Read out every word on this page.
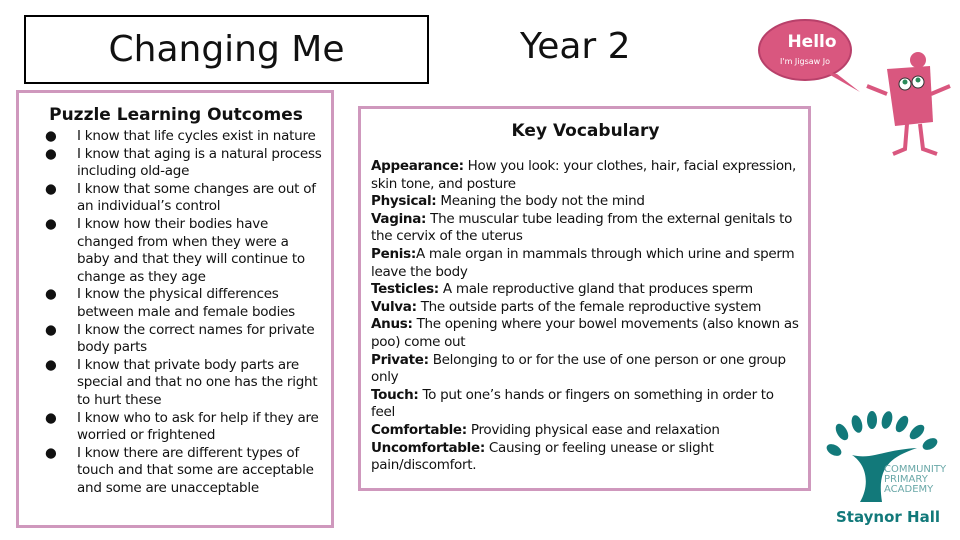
Changing Me	Year 2	Hello
I'm Jigsaw Jo
Puzzle Learning Outcomes
● I know that life cycles exist in nature
● I know that aging is a natural process including old-age
● I know that some changes are out of an individual’s control
● I know how their bodies have changed from when they were a baby and that they will continue to change as they age
● I know the physical differences between male and female bodies
● I know the correct names for private body parts
● I know that private body parts are special and that no one has the right to hurt these
● I know who to ask for help if they are worried or frightened
● I know there are different types of touch and that some are acceptable and some are unacceptable
Key Vocabulary

Appearance: How you look: your clothes, hair, facial expression, skin tone, and posture

Physical: Meaning the body not the mind

Vagina: The muscular tube leading from the external genitals to the cervix of the uterus

Penis:A male organ in mammals through which urine and sperm leave the body

Testicles: A male reproductive gland that produces sperm

Vulva: The outside parts of the female reproductive system

Anus: The opening where your bowel movements (also known as poo) come out

Private: Belonging to or for the use of one person or one group only

Touch: To put one’s hands or fingers on something in order to feel

Comfortable: Providing physical ease and relaxation

Uncomfortable: Causing or feeling unease or slight pain/discomfort.	COMMUNITY
PRIMARY
ACADEMY
Staynor Hall
